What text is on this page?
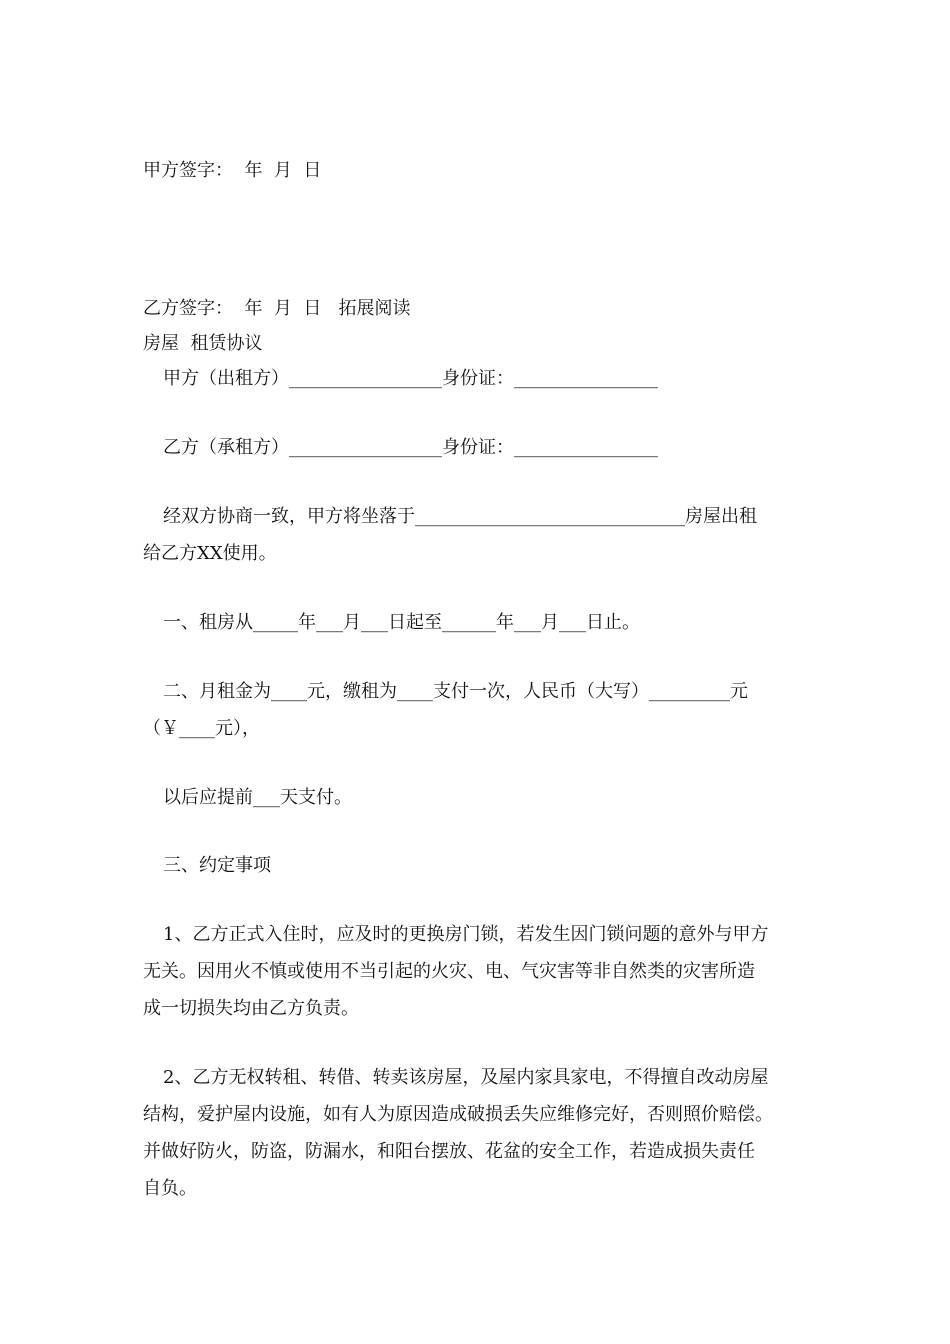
甲方签字：  年  月  日
乙方签字：  年  月  日   拓展阅读
房屋  租赁协议
甲方（出租方）_________________身份证：________________
乙方（承租方）_________________身份证：________________
经双方协商一致，甲方将坐落于______________________________房屋出租
给乙方XX使用。
一、租房从_____年___月___日起至______年___月___日止。
二、月租金为____元，缴租为____支付一次，人民币（大写）_________元
（￥____元），
以后应提前___天支付。
三、约定事项
1、乙方正式入住时，应及时的更换房门锁，若发生因门锁问题的意外与甲方
无关。因用火不慎或使用不当引起的火灾、电、气灾害等非自然类的灾害所造
成一切损失均由乙方负责。
2、乙方无权转租、转借、转卖该房屋，及屋内家具家电，不得擅自改动房屋
结构，爱护屋内设施，如有人为原因造成破损丢失应维修完好，否则照价赔偿。
并做好防火，防盗，防漏水，和阳台摆放、花盆的安全工作，若造成损失责任
自负。
